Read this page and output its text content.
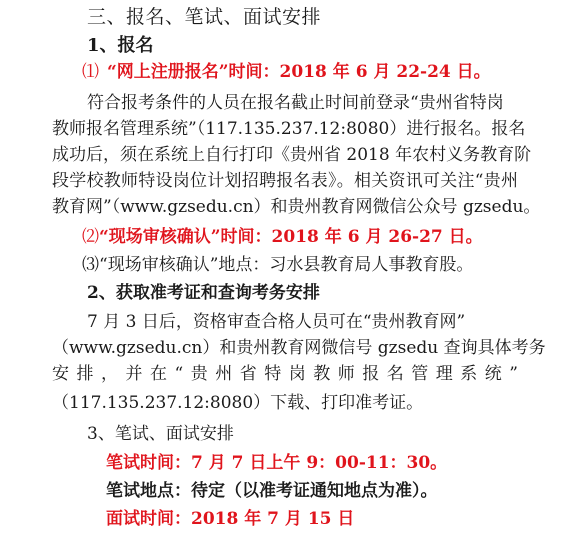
三、报名、笔试、面试安排
1、报名
⑴ “网上注册报名”时间：2018 年 6 月 22-24 日。
符合报考条件的人员在报名截止时间前登录“贵州省特岗
教师报名管理系统”（117.135.237.12:8080）进行报名。报名
成功后，须在系统上自行打印《贵州省 2018 年农村义务教育阶
段学校教师特设岗位计划招聘报名表》。相关资讯可关注“贵州
教育网”（www.gzsedu.cn）和贵州教育网微信公众号 gzsedu。
⑵“现场审核确认”时间：2018 年 6 月 26-27 日。
⑶“现场审核确认”地点：习水县教育局人事教育股。
2、获取准考证和查询考务安排
7 月 3 日后，资格审查合格人员可在“贵州教育网”
（www.gzsedu.cn）和贵州教育网微信号 gzsedu 查询具体考务
安排，并在“贵州省特岗教师报名管理系统”
（117.135.237.12:8080）下载、打印准考证。
3、笔试、面试安排
笔试时间：7 月 7 日上午 9：00-11：30。
笔试地点：待定（以准考证通知地点为准）。
面试时间：2018 年 7 月 15 日
